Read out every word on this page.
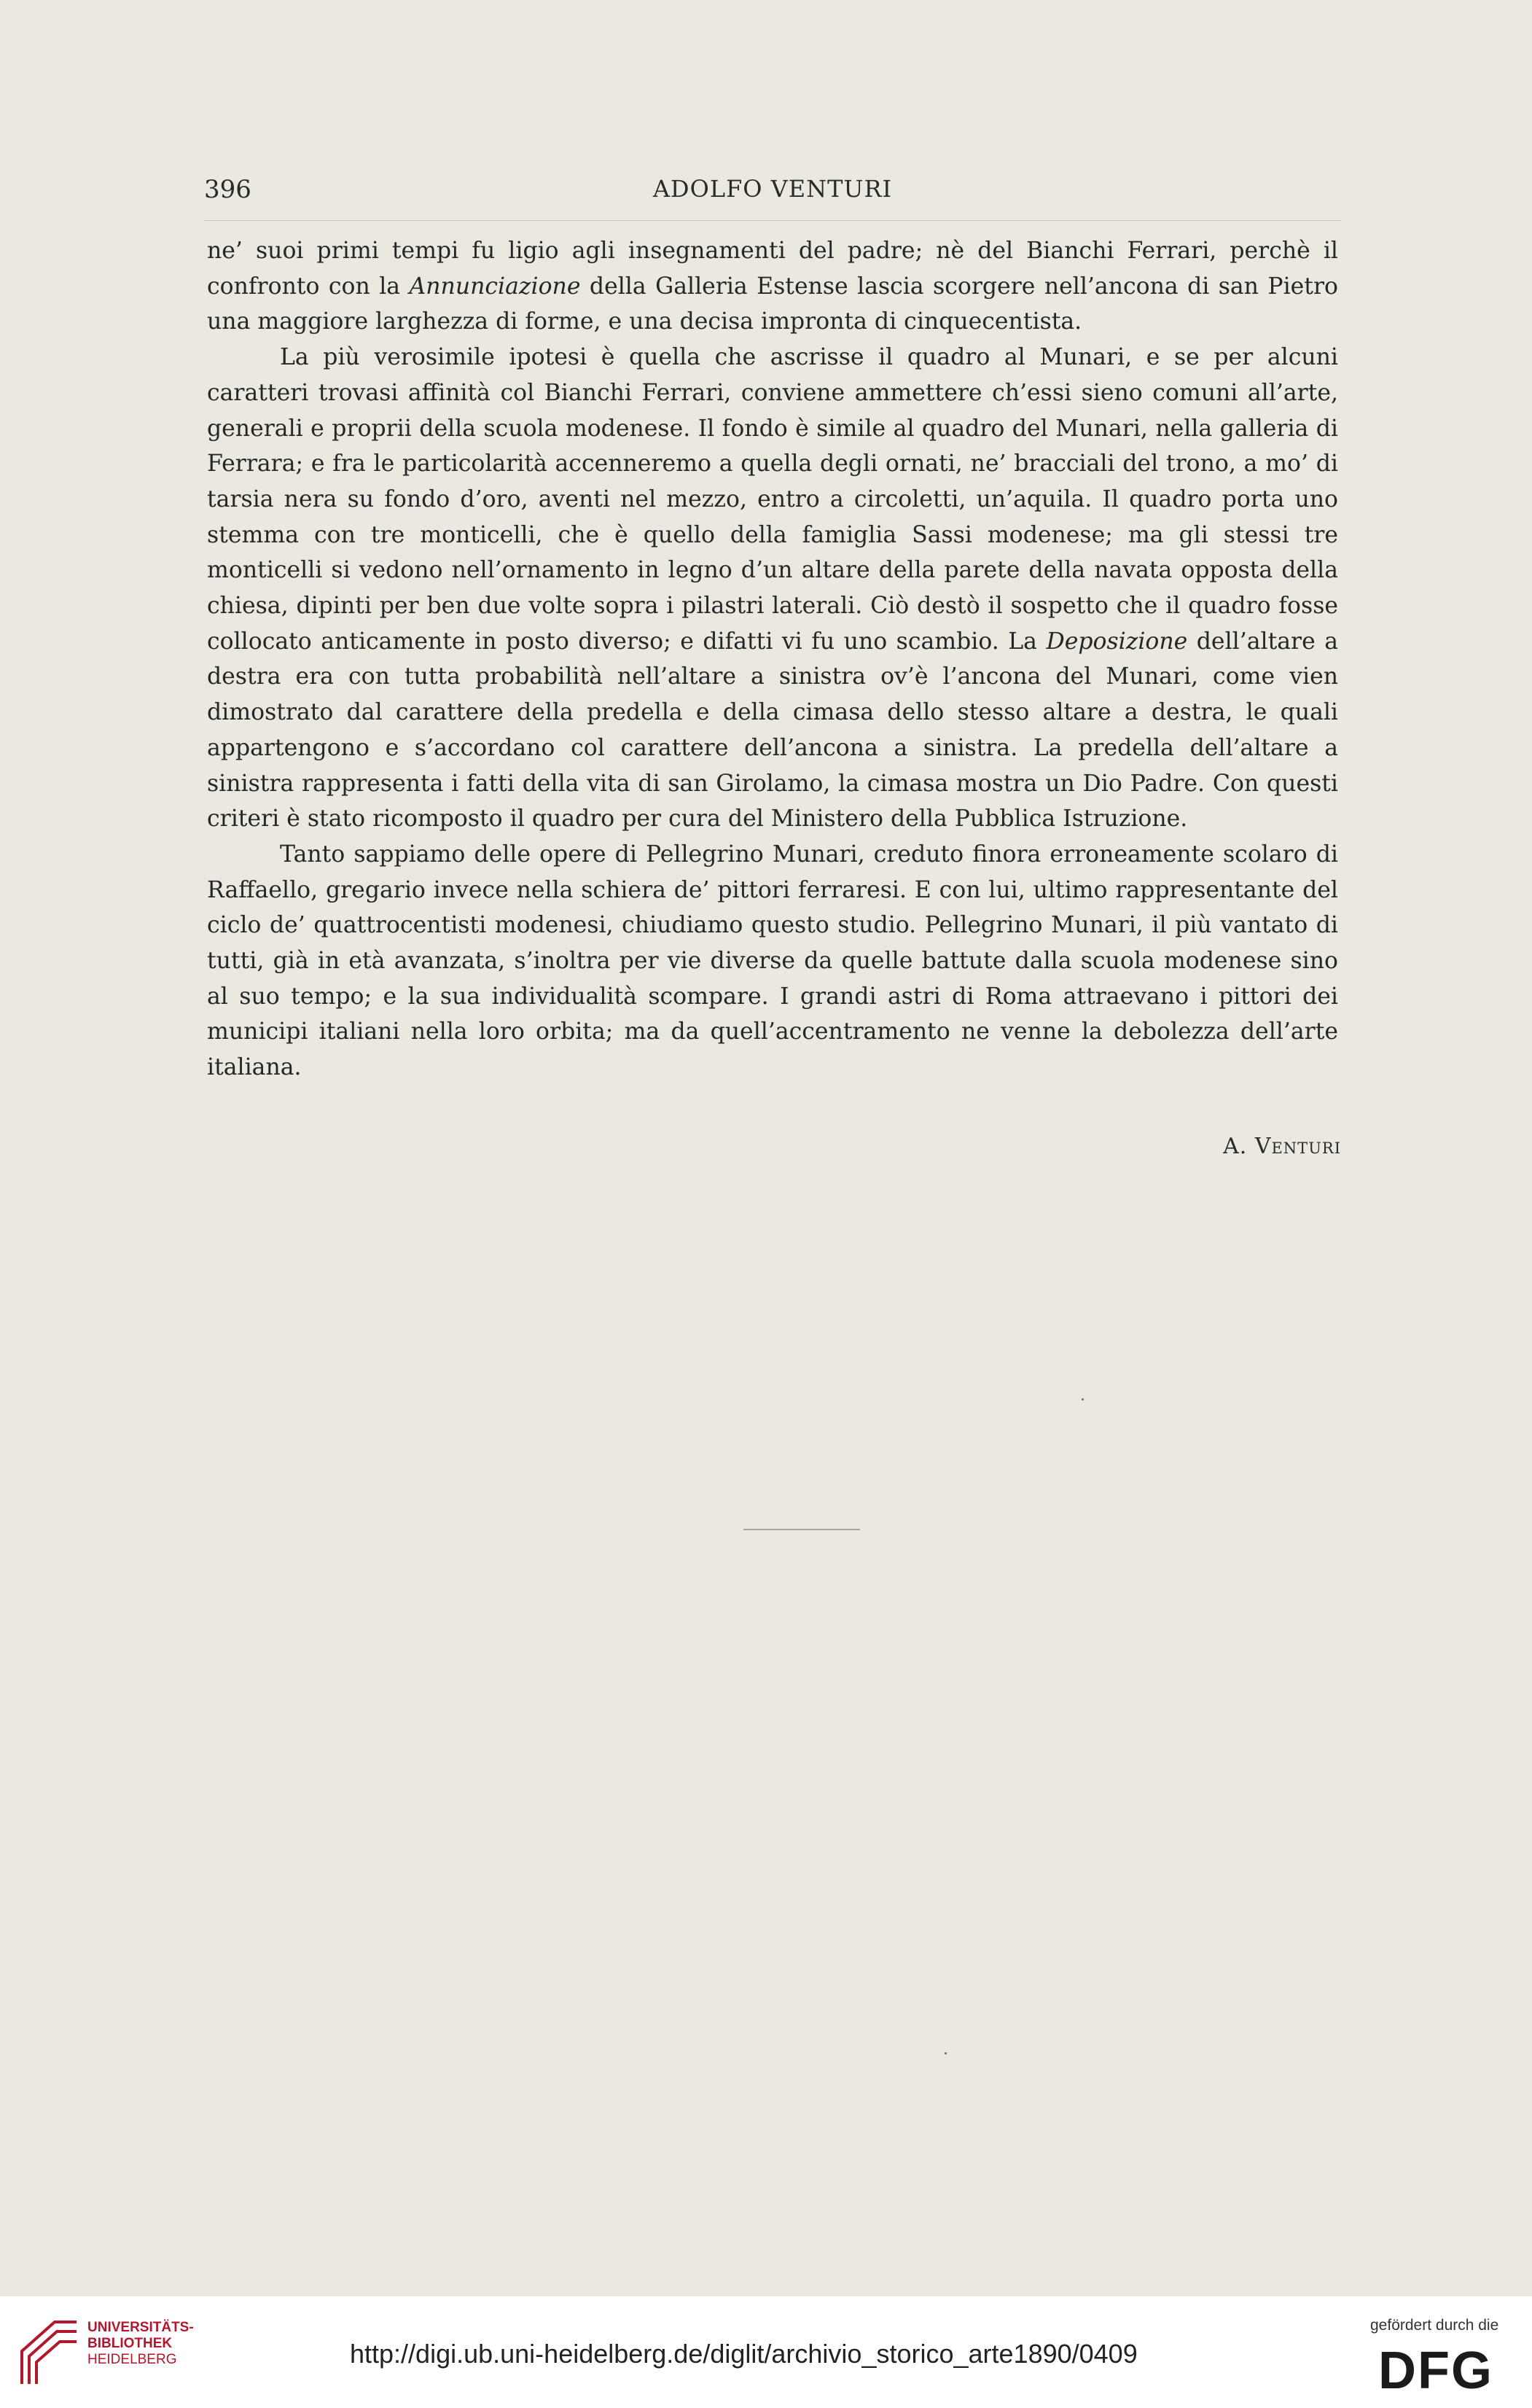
396	ADOLFO VENTURI

ne’ suoi primi tempi fu ligio agli insegnamenti del padre; nè del Bianchi Ferrari, perchè il confronto con la Annunciazione della Galleria Estense lascia scorgere nell’ancona di san Pietro una maggiore larghezza di forme, e una decisa impronta di cinquecentista.

La più verosimile ipotesi è quella che ascrisse il quadro al Munari, e se per alcuni caratteri trovasi affinità col Bianchi Ferrari, conviene ammettere ch’essi sieno comuni all’arte, generali e proprii della scuola modenese. Il fondo è simile al quadro del Munari, nella galleria di Ferrara; e fra le particolarità accenneremo a quella degli ornati, ne’ bracciali del trono, a mo’ di tarsia nera su fondo d’oro, aventi nel mezzo, entro a circoletti, un’aquila. Il quadro porta uno stemma con tre monticelli, che è quello della famiglia Sassi modenese; ma gli stessi tre monticelli si vedono nell’ornamento in legno d’un altare della parete della navata opposta della chiesa, dipinti per ben due volte sopra i pilastri laterali. Ciò destò il sospetto che il quadro fosse collocato anticamente in posto diverso; e difatti vi fu uno scambio. La Deposizione dell’altare a destra era con tutta probabilità nell’altare a sinistra ov’è l’ancona del Munari, come vien dimostrato dal carattere della predella e della cimasa dello stesso altare a destra, le quali appartengono e s’accordano col carattere dell’ancona a sinistra. La predella dell’altare a sinistra rappresenta i fatti della vita di san Girolamo, la cimasa mostra un Dio Padre. Con questi criteri è stato ricomposto il quadro per cura del Ministero della Pubblica Istruzione.

Tanto sappiamo delle opere di Pellegrino Munari, creduto finora erroneamente scolaro di Raffaello, gregario invece nella schiera de’ pittori ferraresi. E con lui, ultimo rappresentante del ciclo de’ quattrocentisti modenesi, chiudiamo questo studio. Pellegrino Munari, il più vantato di tutti, già in età avanzata, s’inoltra per vie diverse da quelle battute dalla scuola modenese sino al suo tempo; e la sua individualità scompare. I grandi astri di Roma attraevano i pittori dei municipi italiani nella loro orbita; ma da quell’accentramento ne venne la debolezza dell’arte italiana.

A. Venturi
UNIVERSITÄTS-
BIBLIOTHEK
HEIDELBERG	http://digi.ub.uni-heidelberg.de/diglit/archivio_storico_arte1890/0409
gefördert durch die
DFG
